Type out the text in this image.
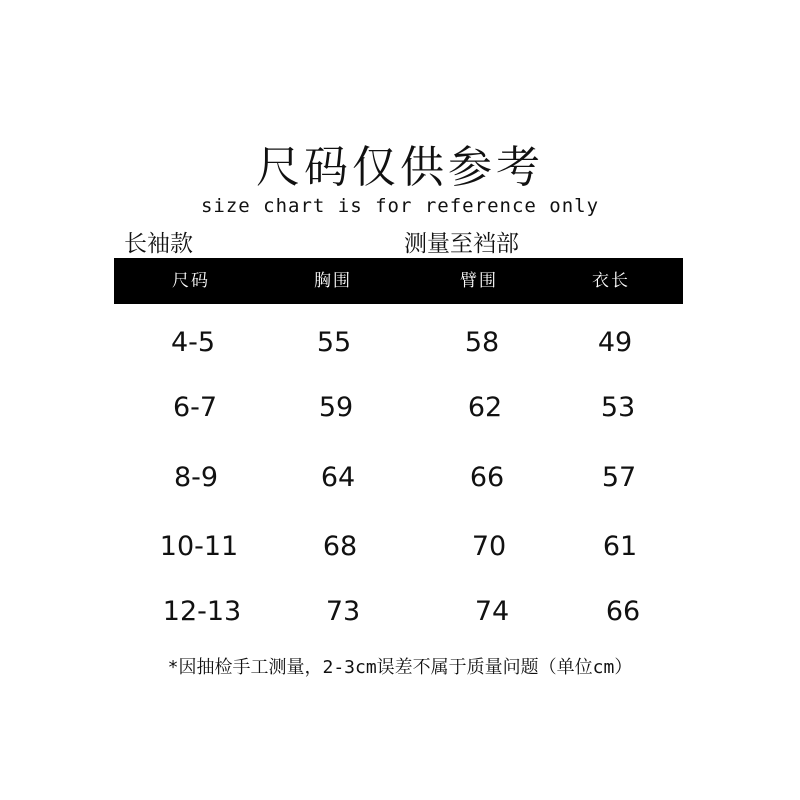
尺码仅供参考
size chart is for reference only
长袖款	测量至裆部
尺码	胸围	臂围	衣长
4-5	55	58	49
6-7	59	62	53
8-9	64	66	57
10-11	68	70	61
12-13	73	74	66
*因抽检手工测量，2-3cm误差不属于质量问题（单位cm）
